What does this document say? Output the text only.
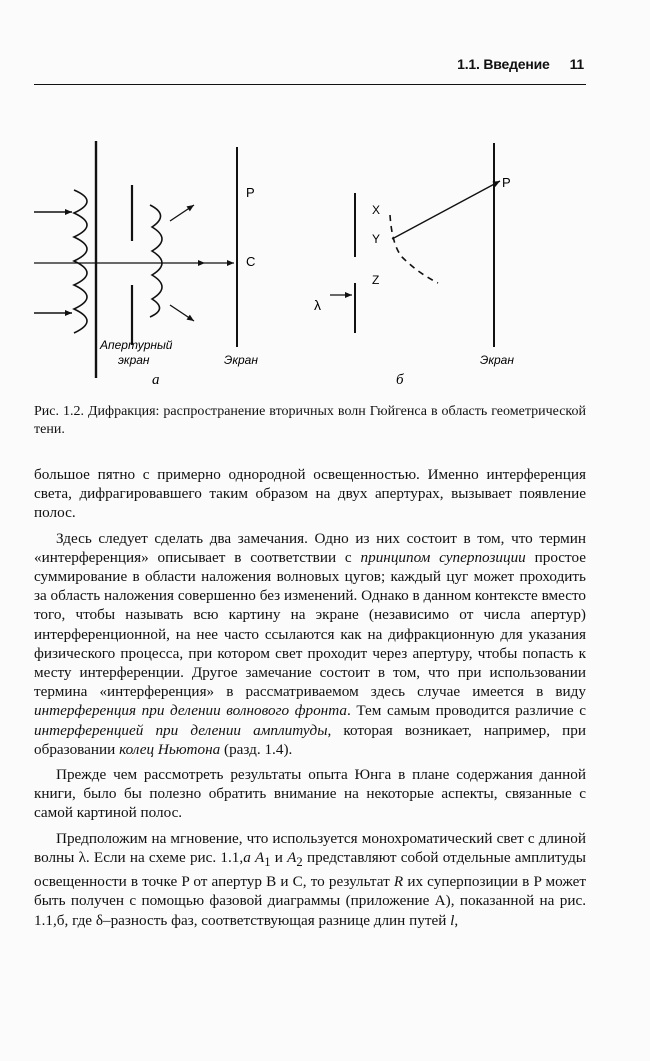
1.1. Введение 11
P
C
Апертурный
экран	Экран
а
X
Y
Z
λ
P
Экран
б
Рис. 1.2. Дифракция: распространение вторичных волн Гюйгенса в область геометрической тени.

большое пятно с примерно однородной освещенностью. Именно интерференция света, дифрагировавшего таким образом на двух апертурах, вызывает появление полос.

Здесь следует сделать два замечания. Одно из них состоит в том, что термин «интерференция» описывает в соответствии с принципом суперпозиции простое суммирование в области наложения волновых цугов; каждый цуг может проходить за область наложения совершенно без изменений. Однако в данном контексте вместо того, чтобы называть всю картину на экране (независимо от числа апертур) интерференционной, на нее часто ссылаются как на дифракционную для указания физического процесса, при котором свет проходит через апертуру, чтобы попасть к месту интерференции. Другое замечание состоит в том, что при использовании термина «интерференция» в рассматриваемом здесь случае имеется в виду интерференция при делении волнового фронта. Тем самым проводится различие с интерференцией при делении амплитуды, которая возникает, например, при образовании колец Ньютона (разд. 1.4).

Прежде чем рассмотреть результаты опыта Юнга в плане содержания данной книги, было бы полезно обратить внимание на некоторые аспекты, связанные с самой картиной полос.

Предположим на мгновение, что используется монохроматический свет с длиной волны λ. Если на схеме рис. 1.1,а $A_1$ и $A_2$ представляют собой отдельные амплитуды освещенности в точке P от апертур B и C, то результат R их суперпозиции в P может быть получен с помощью фазовой диаграммы (приложение A), показанной на рис. 1.1,б, где δ–разность фаз, соответствующая разнице длин путей l,
